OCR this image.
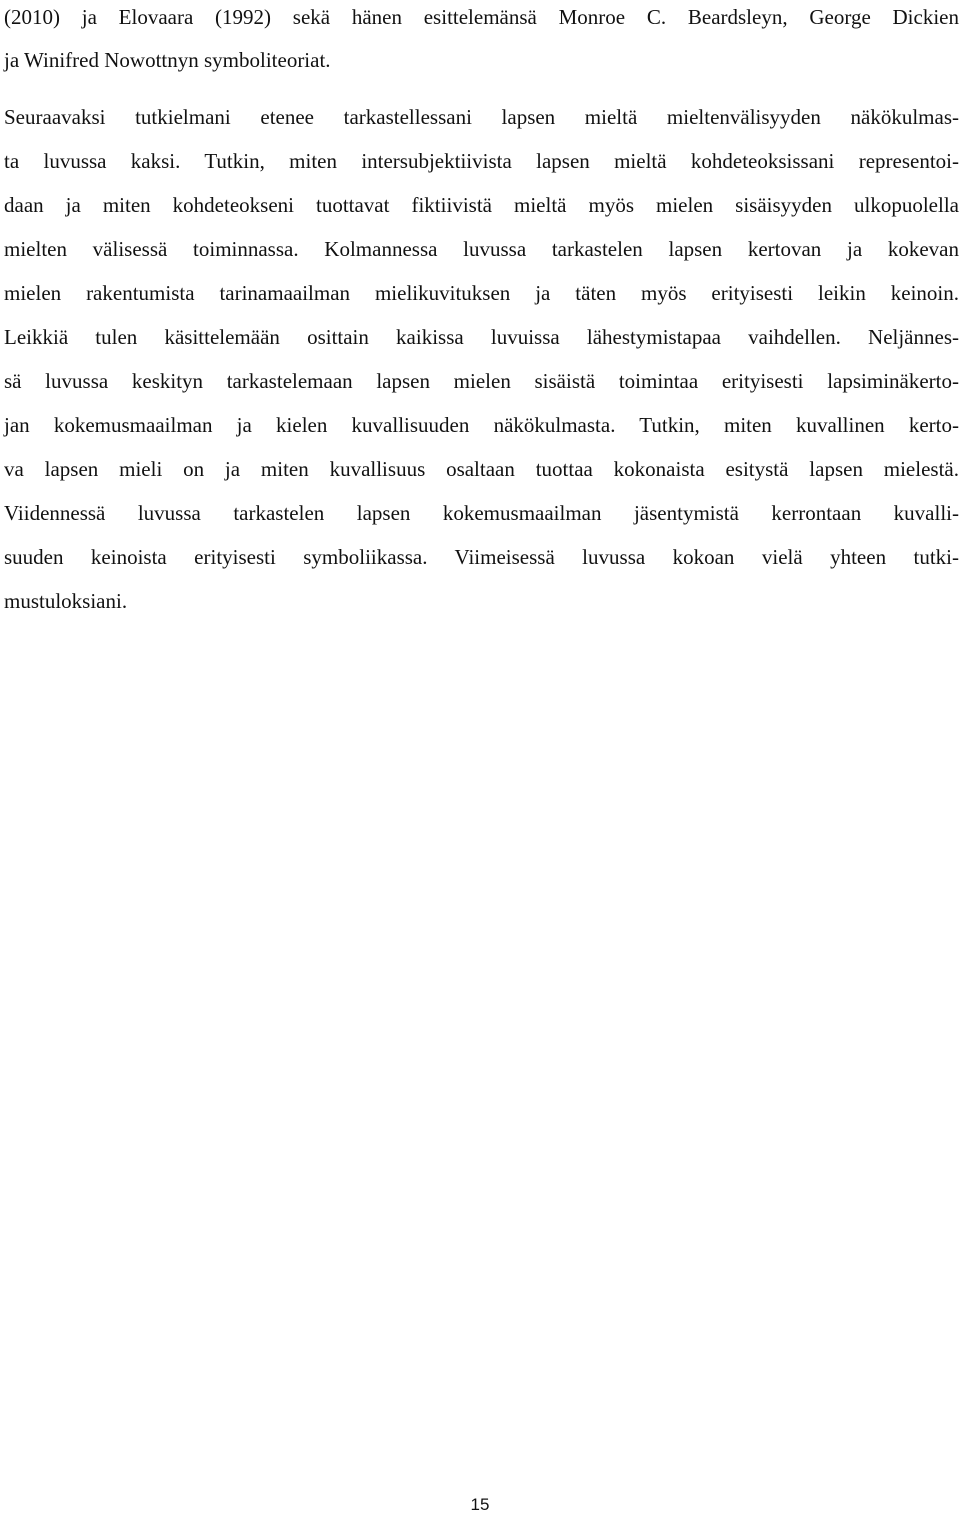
(2010) ja Elovaara (1992) sekä hänen esittelemänsä Monroe C. Beardsleyn, George Dickien
ja Winifred Nowottnyn symboliteoriat.
Seuraavaksi tutkielmani etenee tarkastellessani lapsen mieltä mieltenvälisyyden näkökulmas-
ta luvussa kaksi. Tutkin, miten intersubjektiivista lapsen mieltä kohdeteoksissani representoi-
daan ja miten kohdeteokseni tuottavat fiktiivistä mieltä myös mielen sisäisyyden ulkopuolella
mielten välisessä toiminnassa. Kolmannessa luvussa tarkastelen lapsen kertovan ja kokevan
mielen rakentumista tarinamaailman mielikuvituksen ja täten myös erityisesti leikin keinoin.
Leikkiä tulen käsittelemään osittain kaikissa luvuissa lähestymistapaa vaihdellen. Neljännes-
sä luvussa keskityn tarkastelemaan lapsen mielen sisäistä toimintaa erityisesti lapsiminäkerto-
jan kokemusmaailman ja kielen kuvallisuuden näkökulmasta. Tutkin, miten kuvallinen kerto-
va lapsen mieli on ja miten kuvallisuus osaltaan tuottaa kokonaista esitystä lapsen mielestä.
Viidennessä luvussa tarkastelen lapsen kokemusmaailman jäsentymistä kerrontaan kuvalli-
suuden keinoista erityisesti symboliikassa. Viimeisessä luvussa kokoan vielä yhteen tutki-
mustuloksiani.
15
